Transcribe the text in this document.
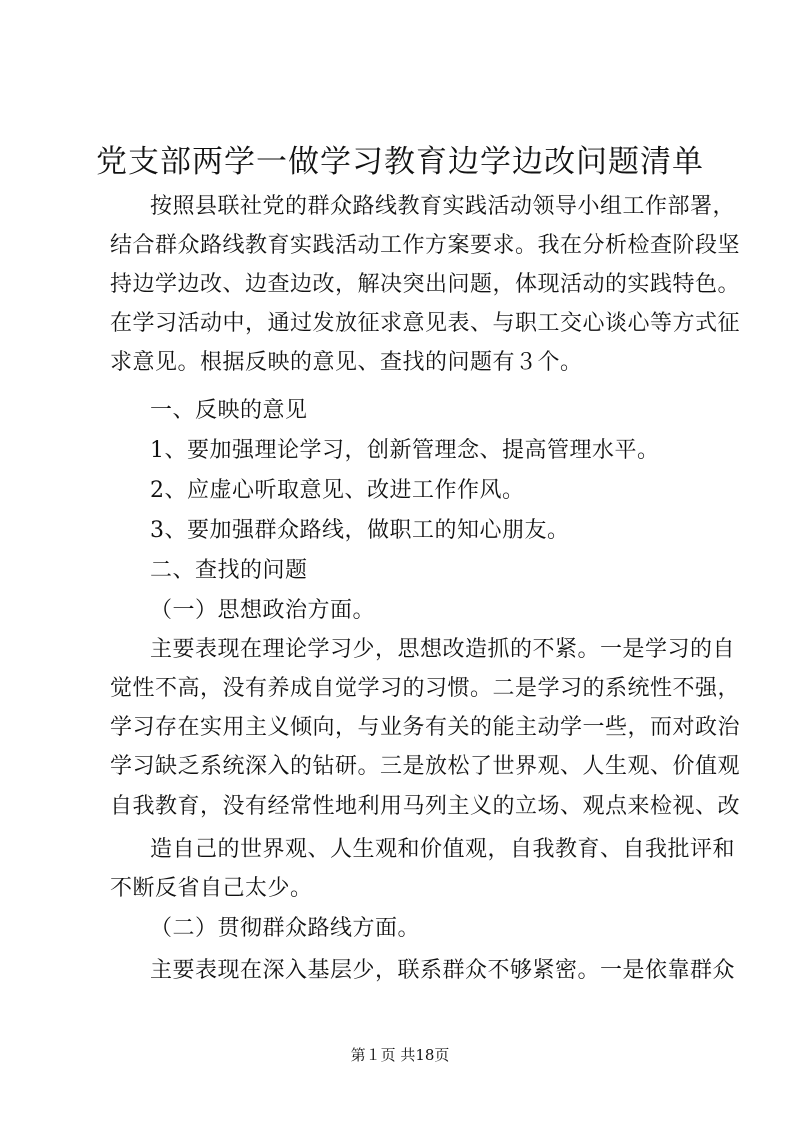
党支部两学一做学习教育边学边改问题清单

按照县联社党的群众路线教育实践活动领导小组工作部署，

结合群众路线教育实践活动工作方案要求。我在分析检查阶段坚

持边学边改、边查边改，解决突出问题，体现活动的实践特色。

在学习活动中，通过发放征求意见表、与职工交心谈心等方式征

求意见。根据反映的意见、查找的问题有３个。

一、反映的意见

1、要加强理论学习，创新管理念、提高管理水平。

2、应虚心听取意见、改进工作作风。

3、要加强群众路线，做职工的知心朋友。

二、查找的问题

（一）思想政治方面。

主要表现在理论学习少，思想改造抓的不紧。一是学习的自

觉性不高，没有养成自觉学习的习惯。二是学习的系统性不强，

学习存在实用主义倾向，与业务有关的能主动学一些，而对政治

学习缺乏系统深入的钻研。三是放松了世界观、人生观、价值观

自我教育，没有经常性地利用马列主义的立场、观点来检视、改

造自己的世界观、人生观和价值观，自我教育、自我批评和

不断反省自己太少。

（二）贯彻群众路线方面。

主要表现在深入基层少，联系群众不够紧密。一是依靠群众

第１页 共18页
